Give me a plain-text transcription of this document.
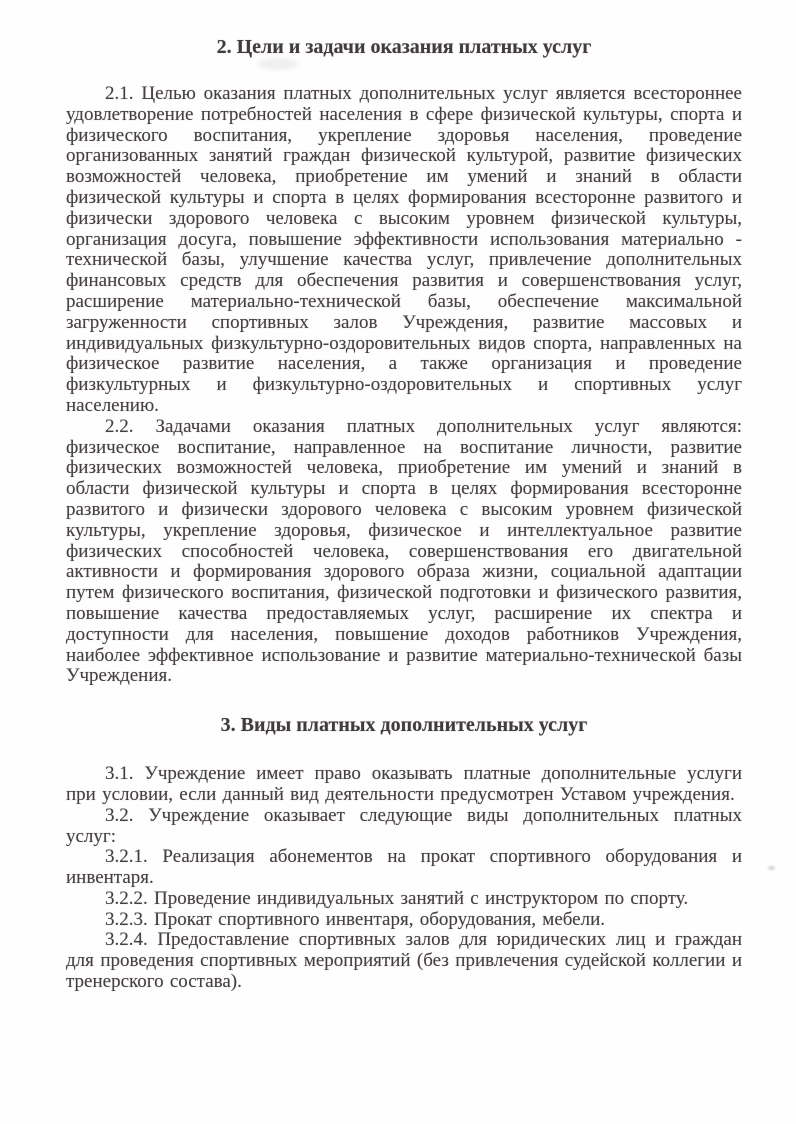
2. Цели и задачи оказания платных услуг

2.1. Целью оказания платных дополнительных услуг является всестороннее удовлетворение потребностей населения в сфере физической культуры, спорта и физического воспитания, укрепление здоровья населения, проведение организованных занятий граждан физической культурой, развитие физических возможностей человека, приобретение им умений и знаний в области физической культуры и спорта в целях формирования всесторонне развитого и физически здорового человека с высоким уровнем физической культуры, организация досуга, повышение эффективности использования материально - технической базы, улучшение качества услуг, привлечение дополнительных финансовых средств для обеспечения развития и совершенствования услуг, расширение материально-технической базы, обеспечение максимальной загруженности спортивных залов Учреждения, развитие массовых и индивидуальных физкультурно-оздоровительных видов спорта, направленных на физическое развитие населения, а также организация и проведение физкультурных и физкультурно-оздоровительных и спортивных услуг населению.

2.2. Задачами оказания платных дополнительных услуг являются: физическое воспитание, направленное на воспитание личности, развитие физических возможностей человека, приобретение им умений и знаний в области физической культуры и спорта в целях формирования всесторонне развитого и физически здорового человека с высоким уровнем физической культуры, укрепление здоровья, физическое и интеллектуальное развитие физических способностей человека, совершенствования его двигательной активности и формирования здорового образа жизни, социальной адаптации путем физического воспитания, физической подготовки и физического развития, повышение качества предоставляемых услуг, расширение их спектра и доступности для населения, повышение доходов работников Учреждения, наиболее эффективное использование и развитие материально-технической базы Учреждения.

3. Виды платных дополнительных услуг

3.1. Учреждение имеет право оказывать платные дополнительные услуги при условии, если данный вид деятельности предусмотрен Уставом учреждения.

3.2. Учреждение оказывает следующие виды дополнительных платных услуг:

3.2.1. Реализация абонементов на прокат спортивного оборудования и инвентаря.

3.2.2. Проведение индивидуальных занятий с инструктором по спорту.

3.2.3. Прокат спортивного инвентаря, оборудования, мебели.

3.2.4. Предоставление спортивных залов для юридических лиц и граждан для проведения спортивных мероприятий (без привлечения судейской коллегии и тренерского состава).
